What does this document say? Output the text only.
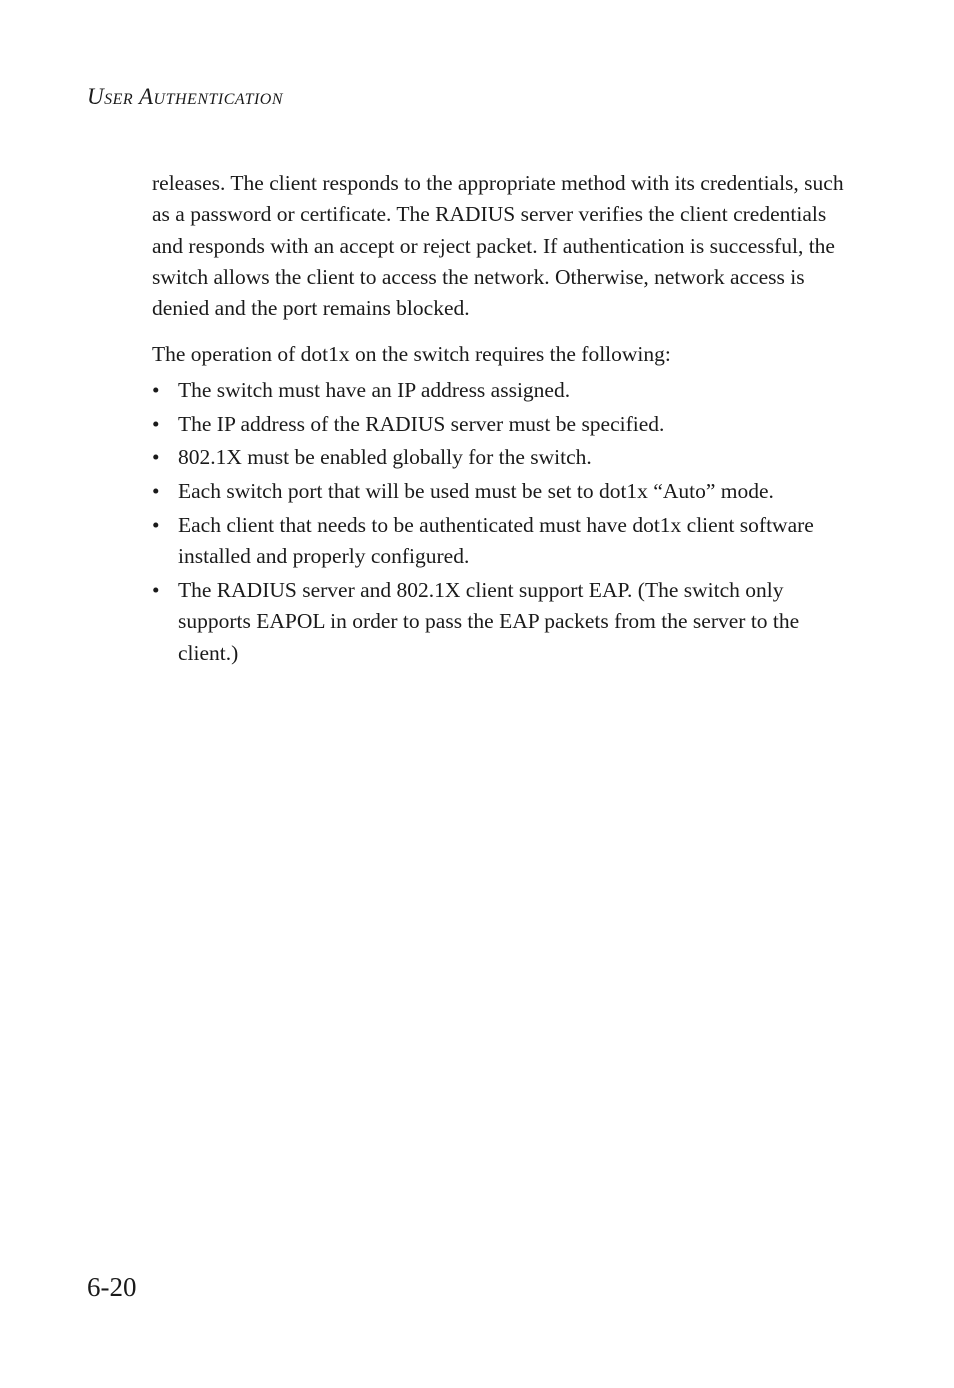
User Authentication

releases. The client responds to the appropriate method with its credentials, such as a password or certificate. The RADIUS server verifies the client credentials and responds with an accept or reject packet. If authentication is successful, the switch allows the client to access the network. Otherwise, network access is denied and the port remains blocked.

The operation of dot1x on the switch requires the following:

• The switch must have an IP address assigned.
• The IP address of the RADIUS server must be specified.
• 802.1X must be enabled globally for the switch.
• Each switch port that will be used must be set to dot1x “Auto” mode.
• Each client that needs to be authenticated must have dot1x client software installed and properly configured.
• The RADIUS server and 802.1X client support EAP. (The switch only supports EAPOL in order to pass the EAP packets from the server to the client.)
6-20
